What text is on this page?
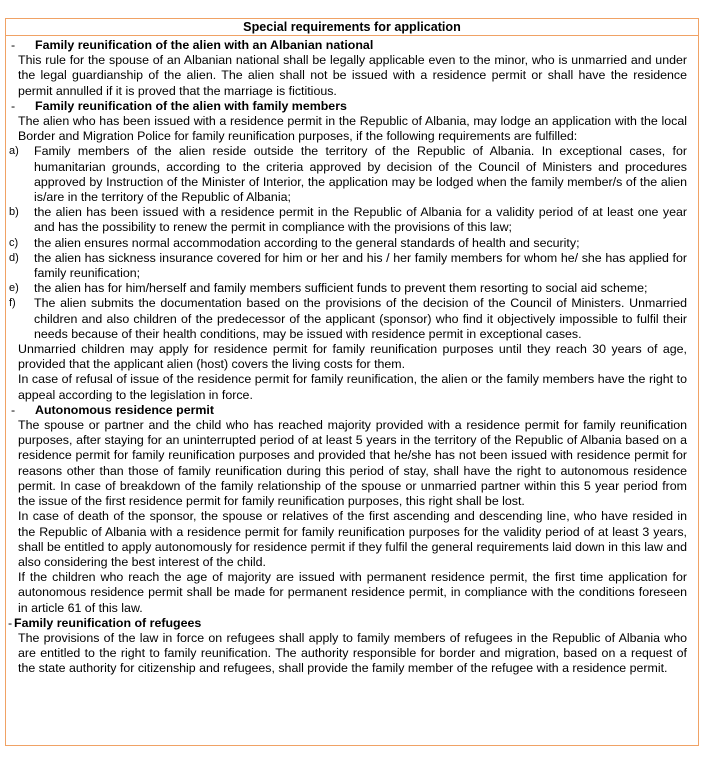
Special requirements for application
- Family reunification of the alien with an Albanian national
This rule for the spouse of an Albanian national shall be legally applicable even to the minor, who is unmarried and under the legal guardianship of the alien. The alien shall not be issued with a residence permit or shall have the residence permit annulled if it is proved that the marriage is fictitious.
- Family reunification of the alien with family members
The alien who has been issued with a residence permit in the Republic of Albania, may lodge an application with the local Border and Migration Police for family reunification purposes, if the following requirements are fulfilled:
a) Family members of the alien reside outside the territory of the Republic of Albania. In exceptional cases, for humanitarian grounds, according to the criteria approved by decision of the Council of Ministers and procedures approved by Instruction of the Minister of Interior, the application may be lodged when the family member/s of the alien is/are in the territory of the Republic of Albania;
b) the alien has been issued with a residence permit in the Republic of Albania for a validity period of at least one year and has the possibility to renew the permit in compliance with the provisions of this law;
c) the alien ensures normal accommodation according to the general standards of health and security;
d) the alien has sickness insurance covered for him or her and his / her family members for whom he/ she has applied for family reunification;
e) the alien has for him/herself and family members sufficient funds to prevent them resorting to social aid scheme;
f) The alien submits the documentation based on the provisions of the decision of the Council of Ministers. Unmarried children and also children of the predecessor of the applicant (sponsor) who find it objectively impossible to fulfil their needs because of their health conditions, may be issued with residence permit in exceptional cases.
Unmarried children may apply for residence permit for family reunification purposes until they reach 30 years of age, provided that the applicant alien (host) covers the living costs for them.
In case of refusal of issue of the residence permit for family reunification, the alien or the family members have the right to appeal according to the legislation in force.
- Autonomous residence permit
The spouse or partner and the child who has reached majority provided with a residence permit for family reunification purposes, after staying for an uninterrupted period of at least 5 years in the territory of the Republic of Albania based on a residence permit for family reunification purposes and provided that he/she has not been issued with residence permit for reasons other than those of family reunification during this period of stay, shall have the right to autonomous residence permit. In case of breakdown of the family relationship of the spouse or unmarried partner within this 5 year period from the issue of the first residence permit for family reunification purposes, this right shall be lost.
In case of death of the sponsor, the spouse or relatives of the first ascending and descending line, who have resided in the Republic of Albania with a residence permit for family reunification purposes for the validity period of at least 3 years, shall be entitled to apply autonomously for residence permit if they fulfil the general requirements laid down in this law and also considering the best interest of the child.
If the children who reach the age of majority are issued with permanent residence permit, the first time application for autonomous residence permit shall be made for permanent residence permit, in compliance with the conditions foreseen in article 61 of this law.
- Family reunification of refugees
The provisions of the law in force on refugees shall apply to family members of refugees in the Republic of Albania who are entitled to the right to family reunification. The authority responsible for border and migration, based on a request of the state authority for citizenship and refugees, shall provide the family member of the refugee with a residence permit.
